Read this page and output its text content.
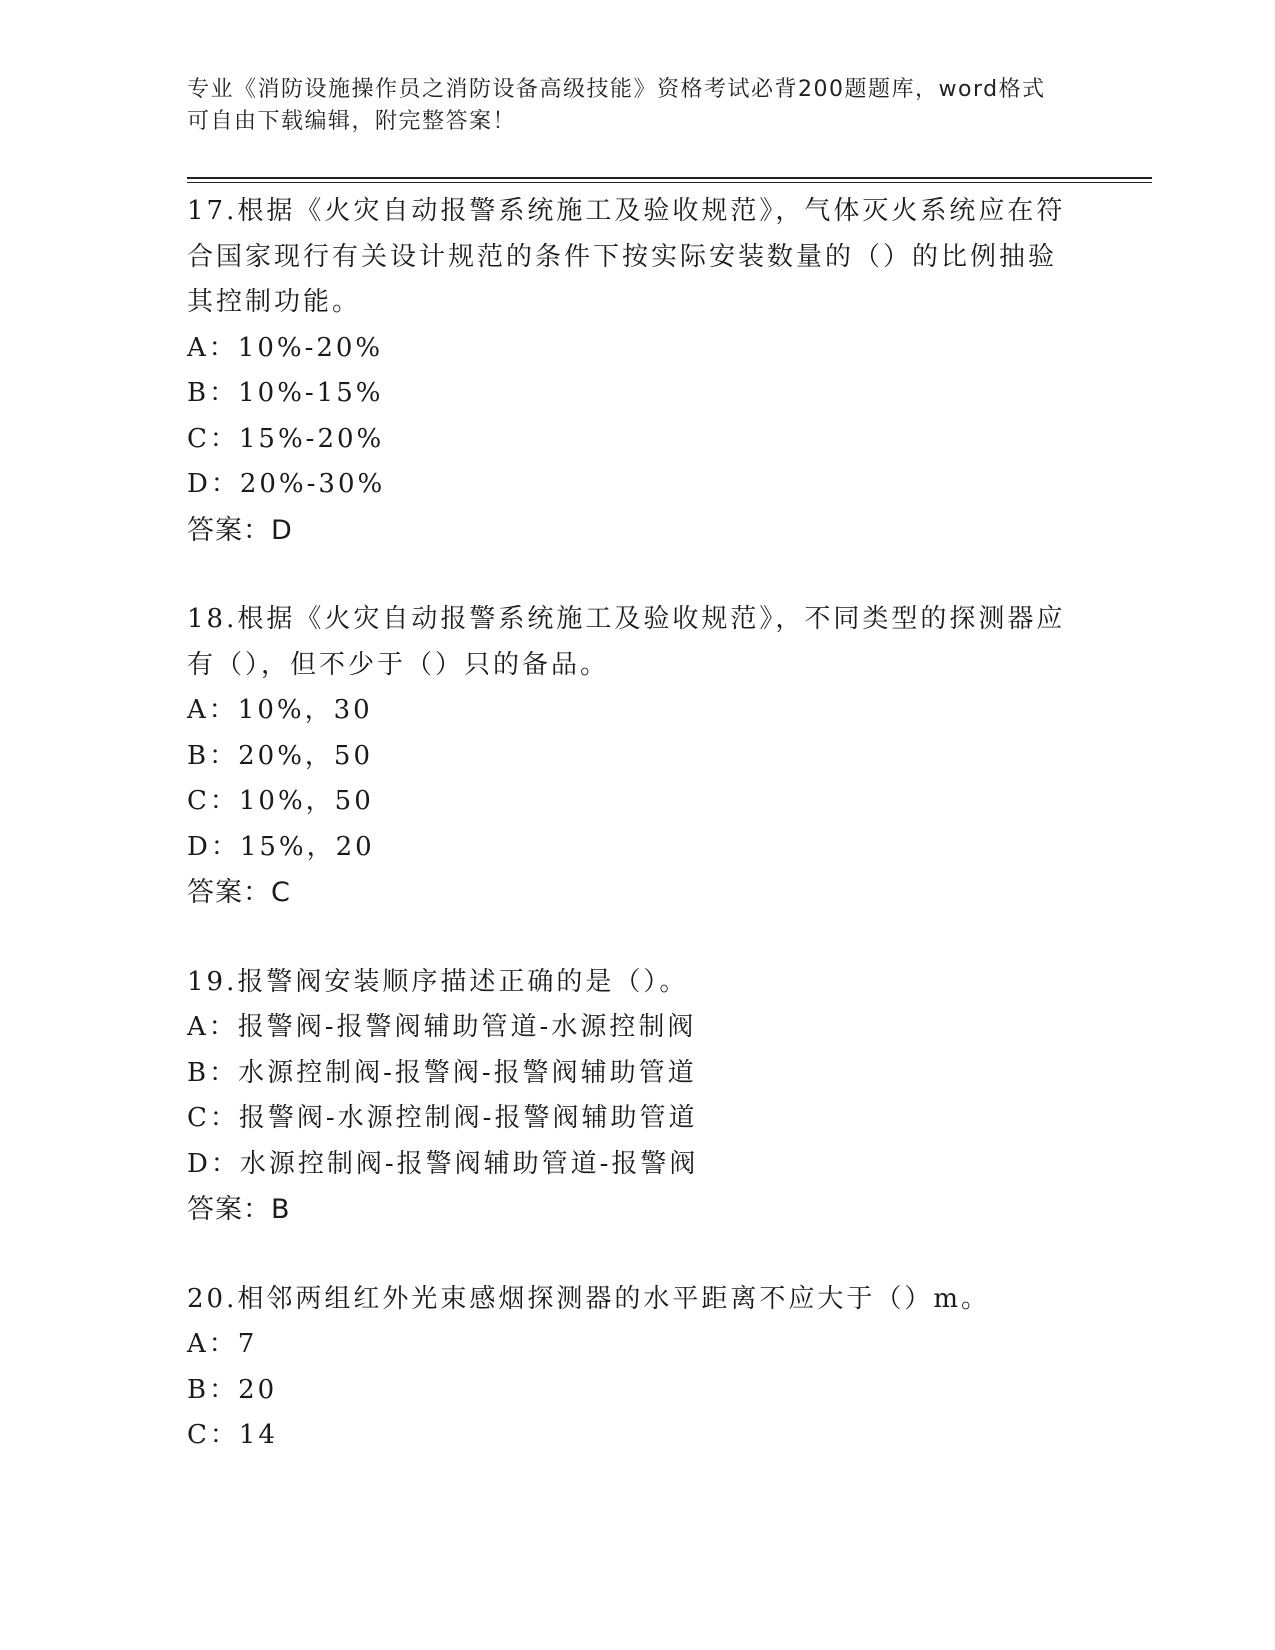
专业《消防设施操作员之消防设备高级技能》资格考试必背200题题库，word格式可自由下载编辑，附完整答案！

17.根据《火灾自动报警系统施工及验收规范》，气体灭火系统应在符合国家现行有关设计规范的条件下按实际安装数量的（）的比例抽验其控制功能。

A：10%-20%

B：10%-15%

C：15%-20%

D：20%-30%

答案：D

18.根据《火灾自动报警系统施工及验收规范》，不同类型的探测器应有（），但不少于（）只的备品。

A：10%，30

B：20%，50

C：10%，50

D：15%，20

答案：C

19.报警阀安装顺序描述正确的是（）。

A：报警阀-报警阀辅助管道-水源控制阀

B：水源控制阀-报警阀-报警阀辅助管道

C：报警阀-水源控制阀-报警阀辅助管道

D：水源控制阀-报警阀辅助管道-报警阀

答案：B

20.相邻两组红外光束感烟探测器的水平距离不应大于（）m。

A：7

B：20

C：14
